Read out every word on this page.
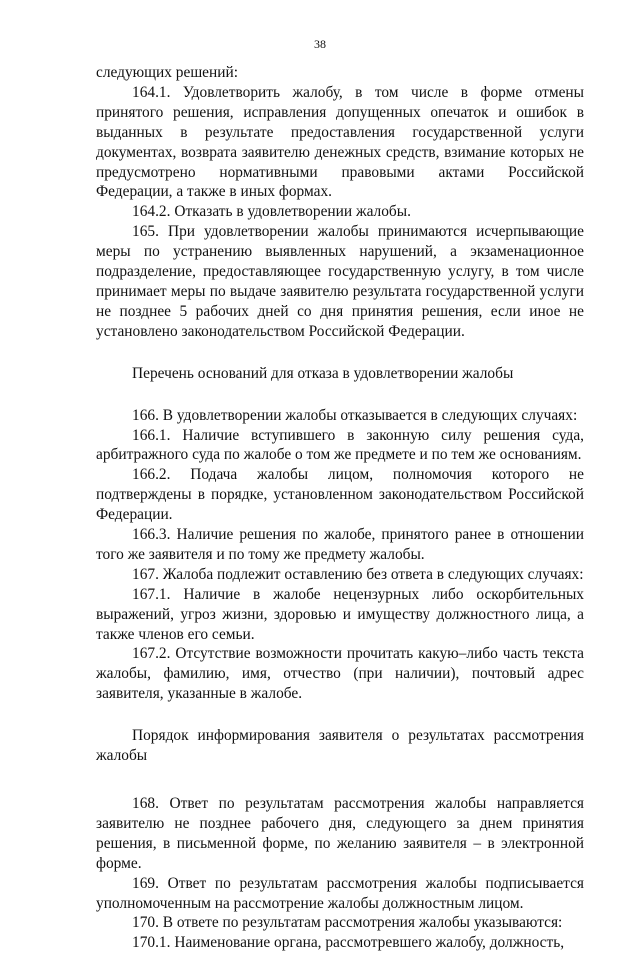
38

следующих решений:

164.1. Удовлетворить жалобу, в том числе в форме отмены принятого решения, исправления допущенных опечаток и ошибок в выданных в результате предоставления государственной услуги документах, возврата заявителю денежных средств, взимание которых не предусмотрено нормативными правовыми актами Российской Федерации, а также в иных формах.

164.2. Отказать в удовлетворении жалобы.

165. При удовлетворении жалобы принимаются исчерпывающие меры по устранению выявленных нарушений, а экзаменационное подразделение, предоставляющее государственную услугу, в том числе принимает меры по выдаче заявителю результата государственной услуги не позднее 5 рабочих дней со дня принятия решения, если иное не установлено законодательством Российской Федерации.

Перечень оснований для отказа в удовлетворении жалобы

166. В удовлетворении жалобы отказывается в следующих случаях:

166.1. Наличие вступившего в законную силу решения суда, арбитражного суда по жалобе о том же предмете и по тем же основаниям.

166.2. Подача жалобы лицом, полномочия которого не подтверждены в порядке, установленном законодательством Российской Федерации.

166.3. Наличие решения по жалобе, принятого ранее в отношении того же заявителя и по тому же предмету жалобы.

167. Жалоба подлежит оставлению без ответа в следующих случаях:

167.1. Наличие в жалобе нецензурных либо оскорбительных выражений, угроз жизни, здоровью и имуществу должностного лица, а также членов его семьи.

167.2. Отсутствие возможности прочитать какую–либо часть текста жалобы, фамилию, имя, отчество (при наличии), почтовый адрес заявителя, указанные в жалобе.

Порядок информирования заявителя о результатах рассмотрения жалобы

168. Ответ по результатам рассмотрения жалобы направляется заявителю не позднее рабочего дня, следующего за днем принятия решения, в письменной форме, по желанию заявителя – в электронной форме.

169. Ответ по результатам рассмотрения жалобы подписывается уполномоченным на рассмотрение жалобы должностным лицом.

170. В ответе по результатам рассмотрения жалобы указываются:

170.1. Наименование органа, рассмотревшего жалобу, должность,
